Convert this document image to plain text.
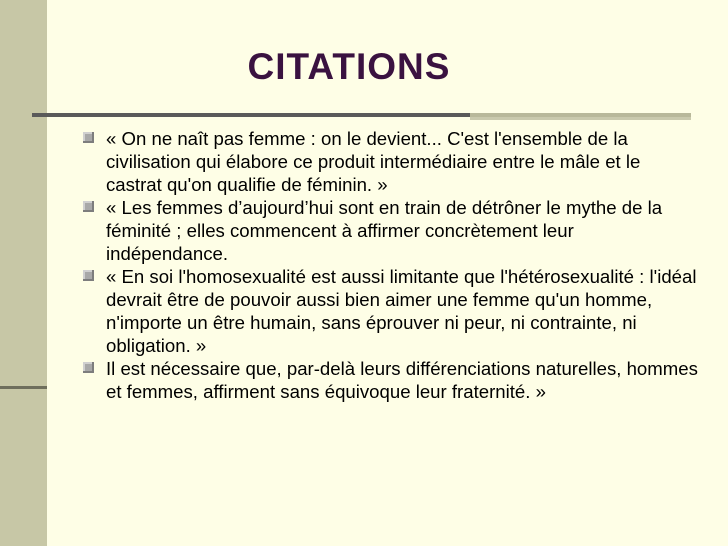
CITATIONS
« On ne naît pas femme : on le devient... C'est l'ensemble de la civilisation qui élabore ce produit intermédiaire entre le mâle et le castrat qu'on qualifie de féminin. »
« Les femmes d’aujourd’hui sont en train de détrôner le mythe de la féminité ; elles commencent à affirmer concrètement leur indépendance.
« En soi l'homosexualité est aussi limitante que l'hétérosexualité : l'idéal devrait être de pouvoir aussi bien aimer une femme qu'un homme, n'importe un être humain, sans éprouver ni peur, ni contrainte, ni obligation. »
Il est nécessaire que, par-delà leurs différenciations naturelles, hommes et femmes, affirment sans équivoque leur fraternité. »
